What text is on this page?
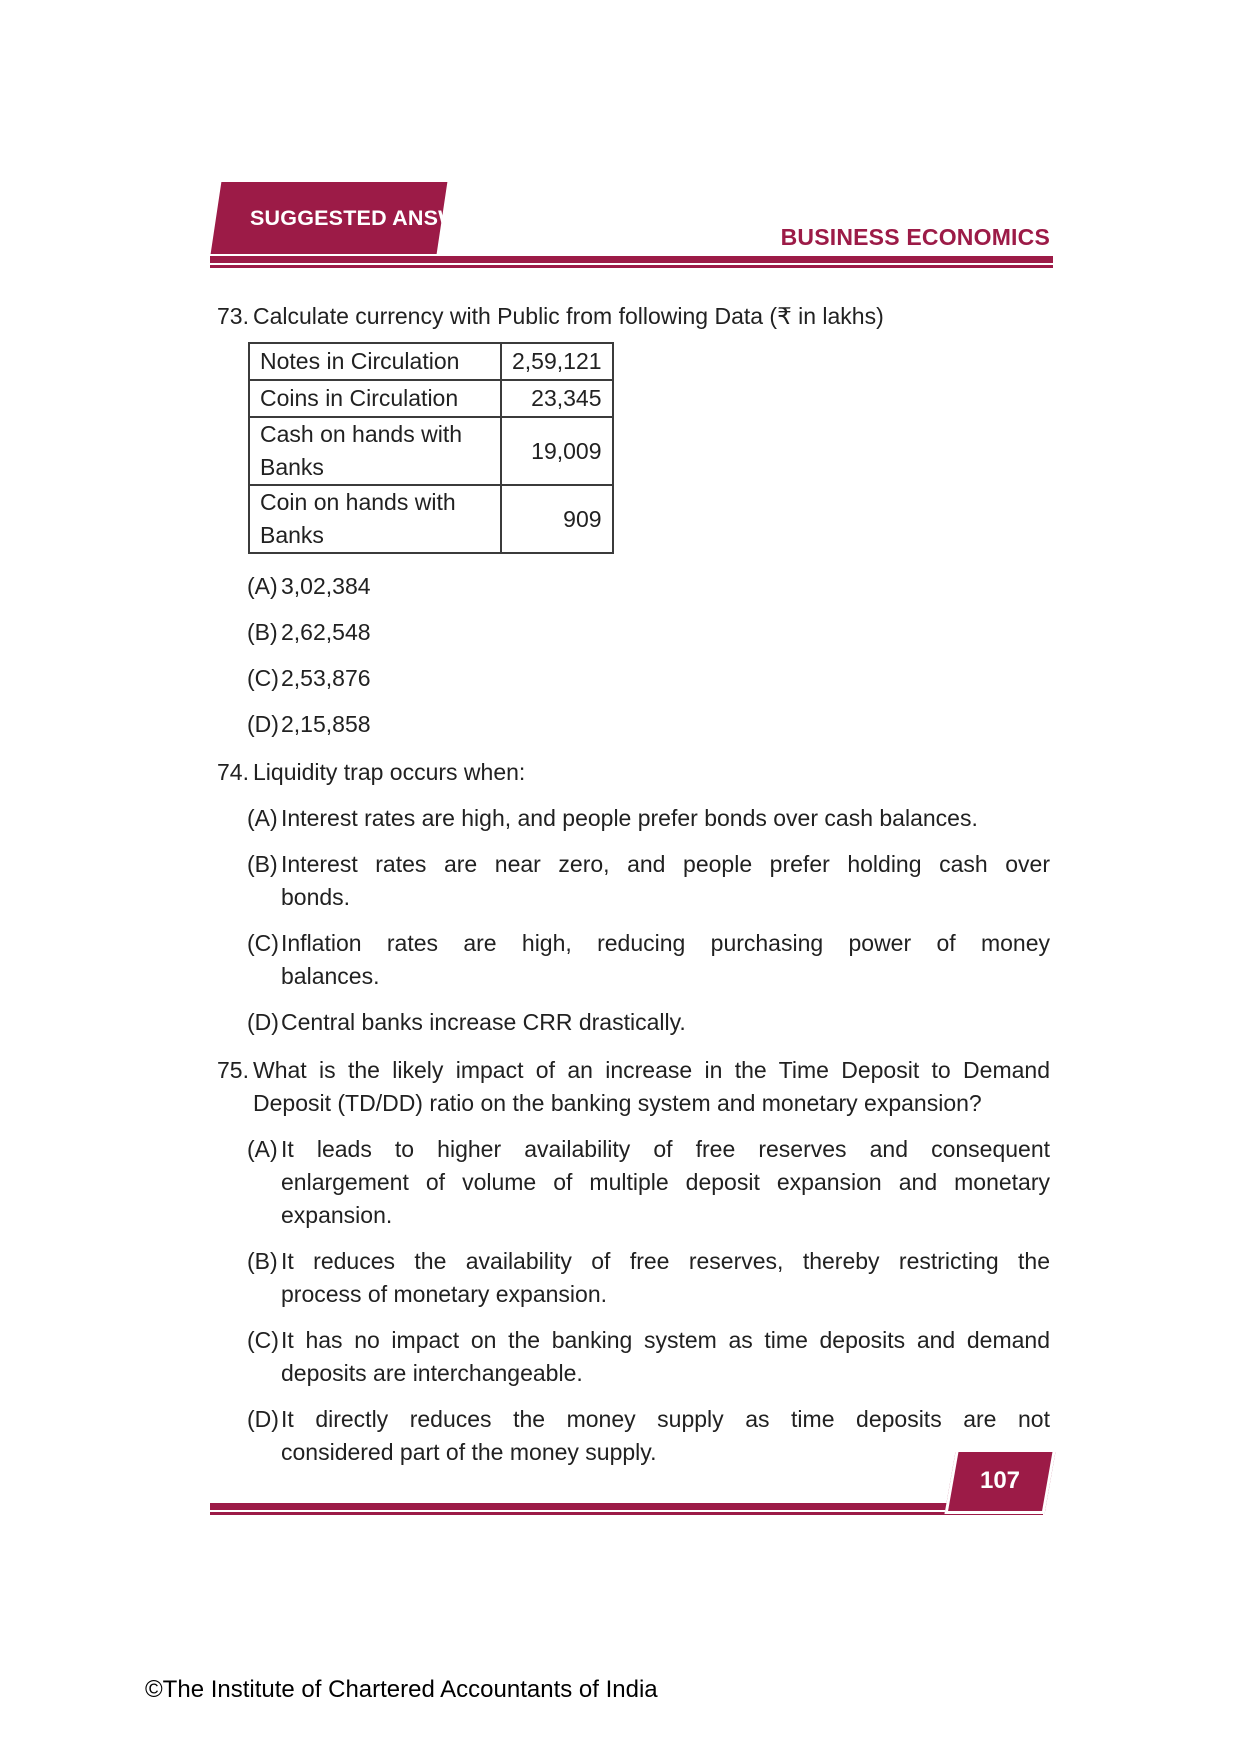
SUGGESTED ANSWER
BUSINESS ECONOMICS
73. Calculate currency with Public from following Data (₹ in lakhs)
Notes in Circulation	2,59,121
Coins in Circulation	23,345
Cash on hands with Banks	19,009
Coin on hands with Banks	909
(A) 3,02,384
(B) 2,62,548
(C) 2,53,876
(D) 2,15,858
74. Liquidity trap occurs when:
(A) Interest rates are high, and people prefer bonds over cash balances.
(B) Interest rates are near zero, and people prefer holding cash over
bonds.
(C) Inflation rates are high, reducing purchasing power of money
balances.
(D) Central banks increase CRR drastically.
75. What is the likely impact of an increase in the Time Deposit to Demand
Deposit (TD/DD) ratio on the banking system and monetary expansion?
(A) It leads to higher availability of free reserves and consequent
enlargement of volume of multiple deposit expansion and monetary
expansion.
(B) It reduces the availability of free reserves, thereby restricting the
process of monetary expansion.
(C) It has no impact on the banking system as time deposits and demand
deposits are interchangeable.
(D) It directly reduces the money supply as time deposits are not
considered part of the money supply.
107
©The Institute of Chartered Accountants of India
